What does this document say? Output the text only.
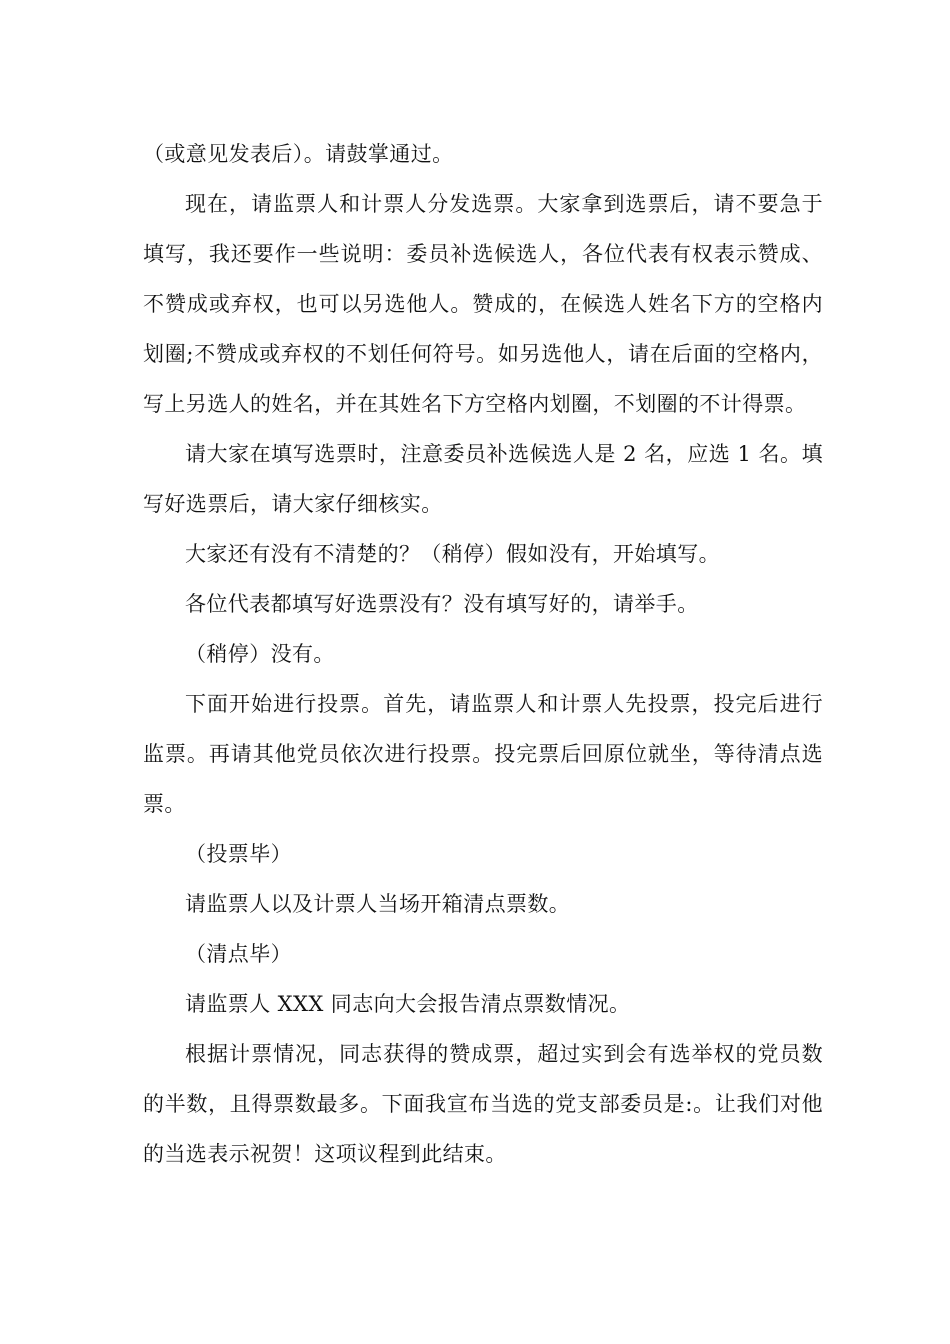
（或意见发表后）。请鼓掌通过。

现在，请监票人和计票人分发选票。大家拿到选票后，请不要急于填写，我还要作一些说明：委员补选候选人，各位代表有权表示赞成、不赞成或弃权，也可以另选他人。赞成的，在候选人姓名下方的空格内划圈;不赞成或弃权的不划任何符号。如另选他人，请在后面的空格内，写上另选人的姓名，并在其姓名下方空格内划圈，不划圈的不计得票。

请大家在填写选票时，注意委员补选候选人是 2 名，应选 1 名。填写好选票后，请大家仔细核实。

大家还有没有不清楚的？（稍停）假如没有，开始填写。

各位代表都填写好选票没有？没有填写好的，请举手。

（稍停）没有。

下面开始进行投票。首先，请监票人和计票人先投票，投完后进行监票。再请其他党员依次进行投票。投完票后回原位就坐，等待清点选票。

（投票毕）

请监票人以及计票人当场开箱清点票数。

（清点毕）

请监票人 XXX 同志向大会报告清点票数情况。

根据计票情况，同志获得的赞成票，超过实到会有选举权的党员数的半数，且得票数最多。下面我宣布当选的党支部委员是:。让我们对他的当选表示祝贺！这项议程到此结束。
